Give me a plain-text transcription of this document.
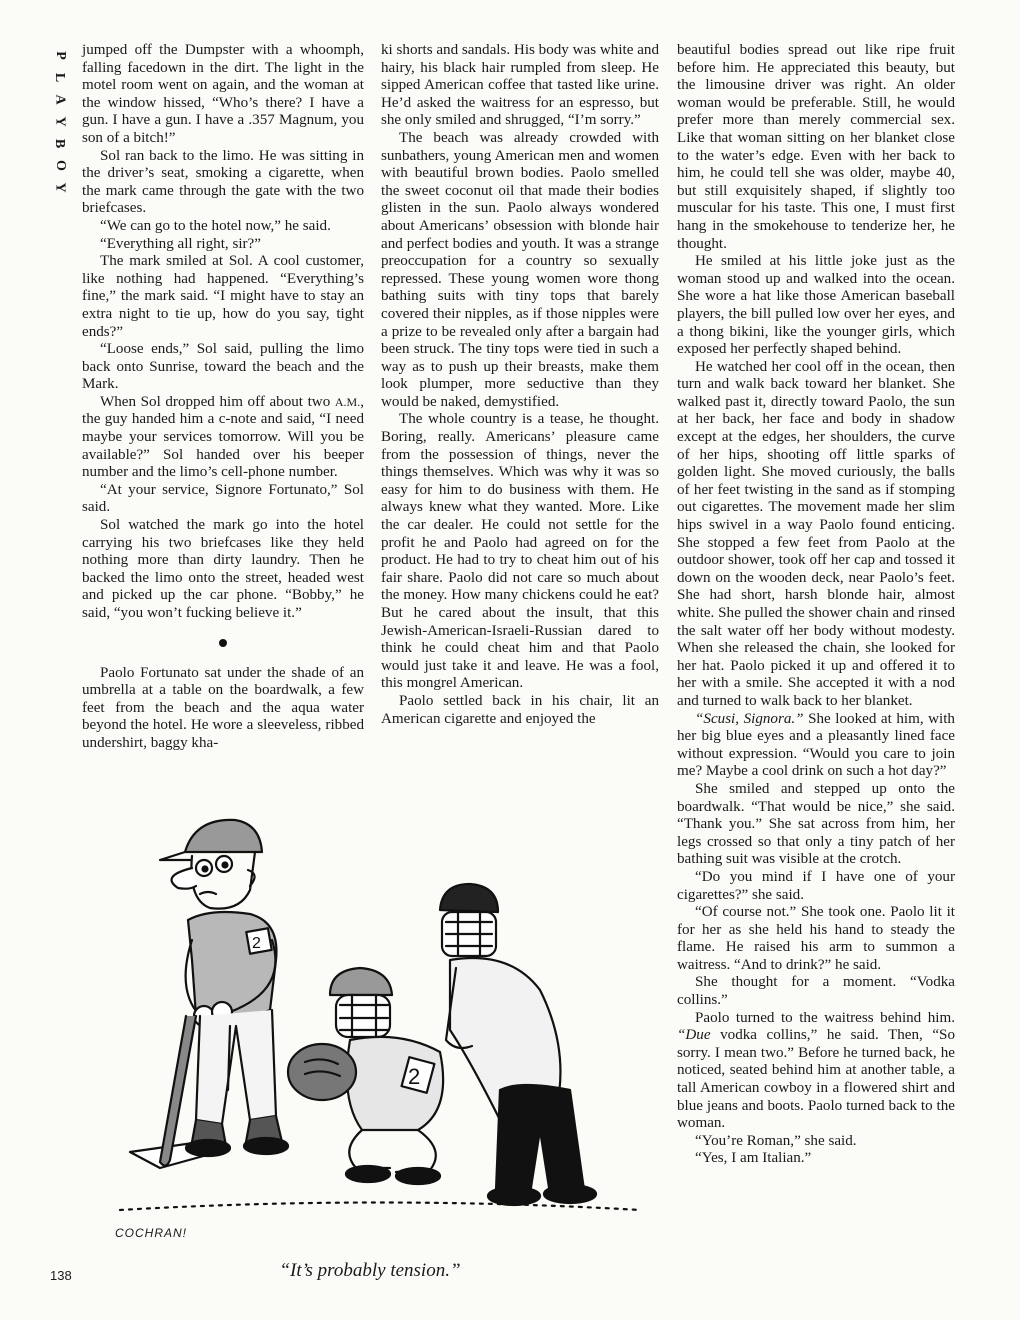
P
L
A
Y
B
O
Y

jumped off the Dumpster with a whoomph, falling facedown in the dirt. The light in the motel room went on again, and the woman at the window hissed, “Who’s there? I have a gun. I have a gun. I have a .357 Magnum, you son of a bitch!”

Sol ran back to the limo. He was sitting in the driver’s seat, smoking a cigarette, when the mark came through the gate with the two briefcases.

“We can go to the hotel now,” he said.

“Everything all right, sir?”

The mark smiled at Sol. A cool customer, like nothing had happened. “Everything’s fine,” the mark said. “I might have to stay an extra night to tie up, how do you say, tight ends?”

“Loose ends,” Sol said, pulling the limo back onto Sunrise, toward the beach and the Mark.

When Sol dropped him off about two A.M., the guy handed him a c-note and said, “I need maybe your services tomorrow. Will you be available?” Sol handed over his beeper number and the limo’s cell-phone number.

“At your service, Signore Fortunato,” Sol said.

Sol watched the mark go into the hotel carrying his two briefcases like they held nothing more than dirty laundry. Then he backed the limo onto the street, headed west and picked up the car phone. “Bobby,” he said, “you won’t fucking believe it.”

Paolo Fortunato sat under the shade of an umbrella at a table on the boardwalk, a few feet from the beach and the aqua water beyond the hotel. He wore a sleeveless, ribbed undershirt, baggy kha-

ki shorts and sandals. His body was white and hairy, his black hair rumpled from sleep. He sipped American coffee that tasted like urine. He’d asked the waitress for an espresso, but she only smiled and shrugged, “I’m sorry.”

The beach was already crowded with sunbathers, young American men and women with beautiful brown bodies. Paolo smelled the sweet coconut oil that made their bodies glisten in the sun. Paolo always wondered about Americans’ obsession with blonde hair and perfect bodies and youth. It was a strange preoccupation for a country so sexually repressed. These young women wore thong bathing suits with tiny tops that barely covered their nipples, as if those nipples were a prize to be revealed only after a bargain had been struck. The tiny tops were tied in such a way as to push up their breasts, make them look plumper, more seductive than they would be naked, demystified.

The whole country is a tease, he thought. Boring, really. Americans’ pleasure came from the possession of things, never the things themselves. Which was why it was so easy for him to do business with them. He always knew what they wanted. More. Like the car dealer. He could not settle for the profit he and Paolo had agreed on for the product. He had to try to cheat him out of his fair share. Paolo did not care so much about the money. How many chickens could he eat? But he cared about the insult, that this Jewish-American-Israeli-Russian dared to think he could cheat him and that Paolo would just take it and leave. He was a fool, this mongrel American.

Paolo settled back in his chair, lit an American cigarette and enjoyed the

beautiful bodies spread out like ripe fruit before him. He appreciated this beauty, but the limousine driver was right. An older woman would be preferable. Still, he would prefer more than merely commercial sex. Like that woman sitting on her blanket close to the water’s edge. Even with her back to him, he could tell she was older, maybe 40, but still exquisitely shaped, if slightly too muscular for his taste. This one, I must first hang in the smokehouse to tenderize her, he thought.

He smiled at his little joke just as the woman stood up and walked into the ocean. She wore a hat like those American baseball players, the bill pulled low over her eyes, and a thong bikini, like the younger girls, which exposed her perfectly shaped behind.

He watched her cool off in the ocean, then turn and walk back toward her blanket. She walked past it, directly toward Paolo, the sun at her back, her face and body in shadow except at the edges, her shoulders, the curve of her hips, shooting off little sparks of golden light. She moved curiously, the balls of her feet twisting in the sand as if stomping out cigarettes. The movement made her slim hips swivel in a way Paolo found enticing. She stopped a few feet from Paolo at the outdoor shower, took off her cap and tossed it down on the wooden deck, near Paolo’s feet. She had short, harsh blonde hair, almost white. She pulled the shower chain and rinsed the salt water off her body without modesty. When she released the chain, she looked for her hat. Paolo picked it up and offered it to her with a smile. She accepted it with a nod and turned to walk back to her blanket.

“Scusi, Signora.” She looked at him, with her big blue eyes and a pleasantly lined face without expression. “Would you care to join me? Maybe a cool drink on such a hot day?”

She smiled and stepped up onto the boardwalk. “That would be nice,” she said. “Thank you.” She sat across from him, her legs crossed so that only a tiny patch of her bathing suit was visible at the crotch.

“Do you mind if I have one of your cigarettes?” she said.

“Of course not.” She took one. Paolo lit it for her as she held his hand to steady the flame. He raised his arm to summon a waitress. “And to drink?” he said.

She thought for a moment. “Vodka collins.”

Paolo turned to the waitress behind him. “Due vodka collins,” he said. Then, “So sorry. I mean two.” Before he turned back, he noticed, seated behind him at another table, a tall American cowboy in a flowered shirt and blue jeans and boots. Paolo turned back to the woman.

“You’re Roman,” she said.

“Yes, I am Italian.”

2
2
COCHRAN!
“It’s probably tension.”
138
